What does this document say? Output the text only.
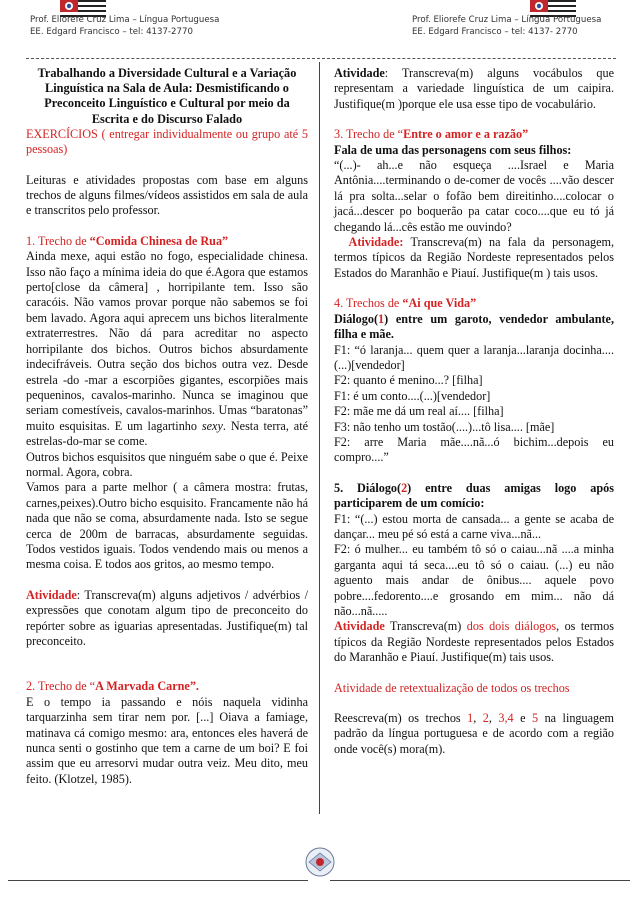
Prof. Eliorefe Cruz Lima – Língua Portuguesa
EE. Edgard Francisco – tel: 4137-2770
Prof. Eliorefe Cruz Lima – Língua Portuguesa
EE. Edgard Francisco – tel: 4137- 2770

Trabalhando a Diversidade Cultural e a Variação Linguística na Sala de Aula: Desmistificando o Preconceito Linguístico e Cultural por meio da Escrita e do Discurso Falado

EXERCÍCIOS ( entregar individualmente ou grupo até 5 pessoas)

Leituras e atividades propostas com base em alguns trechos de alguns filmes/vídeos assistidos em sala de aula e transcritos pelo professor.

1. Trecho de “Comida Chinesa de Rua”

Ainda mexe, aqui estão no fogo, especialidade chinesa. Isso não faço a mínima ideia do que é.Agora que estamos perto[close da câmera] , horripilante tem. Isso são caracóis. Não vamos provar porque não sabemos se foi bem lavado. Agora aqui aprecem uns bichos literalmente extraterrestres. Não dá para acreditar no aspecto horripilante dos bichos. Outros bichos absurdamente indecifráveis. Outra seção dos bichos outra vez. Desde estrela -do -mar a escorpiões gigantes, escorpiões mais pequeninos, cavalos-marinho. Nunca se imaginou que seriam comestíveis, cavalos-marinhos. Umas “baratonas” muito esquisitas. E um lagartinho sexy. Nesta terra, até estrelas-do-mar se come.

Outros bichos esquisitos que ninguém sabe o que é. Peixe normal. Agora, cobra.

Vamos para a parte melhor ( a câmera mostra: frutas, carnes,peixes).Outro bicho esquisito. Francamente não há nada que não se coma, absurdamente nada. Isto se segue cerca de 200m de barracas, absurdamente seguidas. Todos vestidos iguais. Todos vendendo mais ou menos a mesma coisa. E todos aos gritos, ao mesmo tempo.

Atividade: Transcreva(m) alguns adjetivos / advérbios / expressões que conotam algum tipo de preconceito do repórter sobre as iguarias apresentadas. Justifique(m) tal preconceito.

2. Trecho de “A Marvada Carne”.

E o tempo ia passando e nóis naquela vidinha tarquarzinha sem tirar nem por. [...] Oiava a famiage, matinava cá comigo mesmo: ara, entonces eles haverá de nunca senti o gostinho que tem a carne de um boi? E foi assim que eu arresorvi mudar outra veiz. Meu dito, meu feito. (Klotzel, 1985).

Atividade: Transcreva(m) alguns vocábulos que representam a variedade linguística de um caipira. Justifique(m )porque ele usa esse tipo de vocabulário.

3. Trecho de “Entre o amor e a razão”

Fala de uma das personagens com seus filhos:

“(...)- ah...e não esqueça ....Israel e Maria Antônia....terminando o de-comer de vocês ....vão descer lá pra solta...selar o fofão bem direitinho....colocar o jacá...descer po boquerão pa catar coco....que eu tó já chegando lá...cês estão me ouvindo?

Atividade: Transcreva(m) na fala da personagem, termos típicos da Região Nordeste representados pelos Estados do Maranhão e Piauí. Justifique(m ) tais usos.

4. Trechos de “Ai que Vida”

Diálogo(1) entre um garoto, vendedor ambulante, filha e mãe.

F1: “ó laranja... quem quer a laranja...laranja docinha....(...)[vendedor]

F2: quanto é menino...? [filha]

F1: é um conto....(...)[vendedor]

F2: mãe me dá um real aí.... [filha]

F3: não tenho um tostão(....)...tô lisa.... [mãe]

F2: arre Maria mãe....nã...ó bichim...depois eu compro....”

5. Diálogo(2) entre duas amigas logo após participarem de um comício:

F1: “(...) estou morta de cansada... a gente se acaba de dançar... meu pé só está a carne viva...nã...

F2: ó mulher... eu também tô só o caiau...nã ....a minha garganta aqui tá seca....eu tô só o caiau. (...) eu não aguento mais andar de ônibus.... aquele povo pobre....fedorento....e grosando em mim... não dá não...nã.....

Atividade Transcreva(m) dos dois diálogos, os termos típicos da Região Nordeste representados pelos Estados do Maranhão e Piauí. Justifique(m) tais usos.

Atividade de retextualização de todos os trechos

Reescreva(m) os trechos 1, 2, 3,4 e 5 na linguagem padrão da língua portuguesa e de acordo com a região onde você(s) mora(m).
